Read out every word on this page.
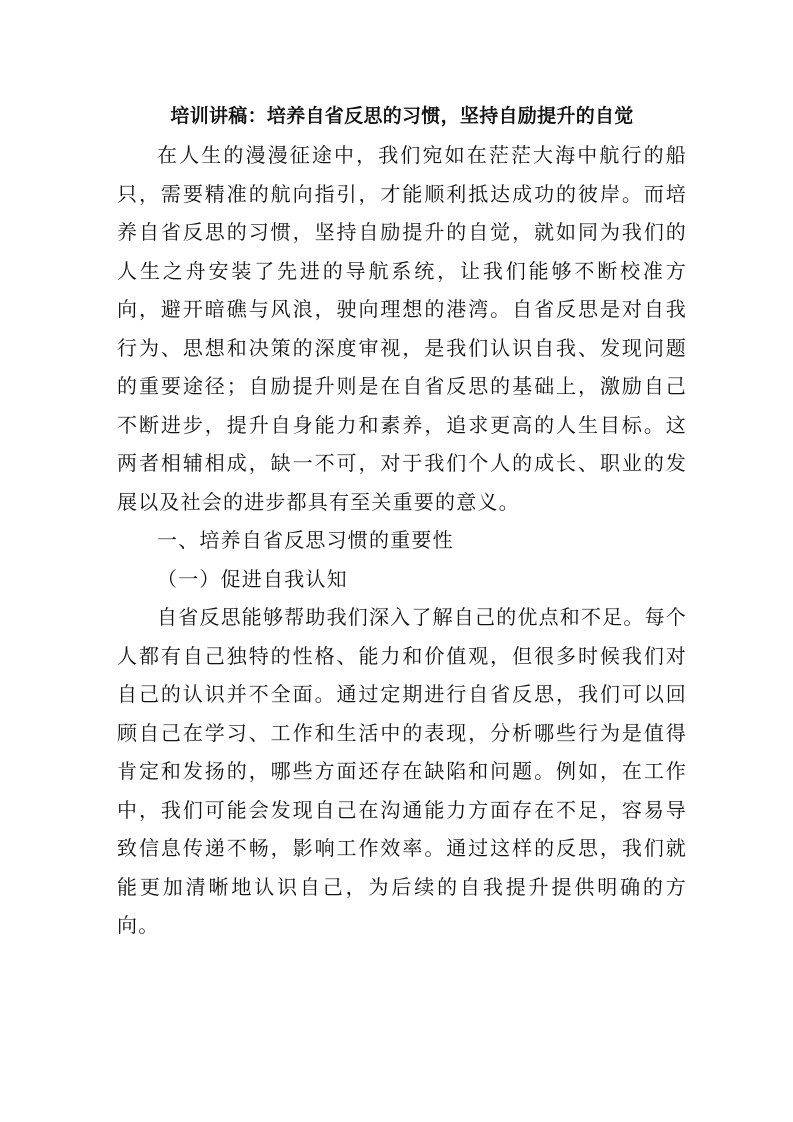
培训讲稿：培养自省反思的习惯，坚持自励提升的自觉

在人生的漫漫征途中，我们宛如在茫茫大海中航行的船只，需要精准的航向指引，才能顺利抵达成功的彼岸。而培养自省反思的习惯，坚持自励提升的自觉，就如同为我们的人生之舟安装了先进的导航系统，让我们能够不断校准方向，避开暗礁与风浪，驶向理想的港湾。自省反思是对自我行为、思想和决策的深度审视，是我们认识自我、发现问题的重要途径；自励提升则是在自省反思的基础上，激励自己不断进步，提升自身能力和素养，追求更高的人生目标。这两者相辅相成，缺一不可，对于我们个人的成长、职业的发展以及社会的进步都具有至关重要的意义。

一、培养自省反思习惯的重要性

（一）促进自我认知

自省反思能够帮助我们深入了解自己的优点和不足。每个人都有自己独特的性格、能力和价值观，但很多时候我们对自己的认识并不全面。通过定期进行自省反思，我们可以回顾自己在学习、工作和生活中的表现，分析哪些行为是值得肯定和发扬的，哪些方面还存在缺陷和问题。例如，在工作中，我们可能会发现自己在沟通能力方面存在不足，容易导致信息传递不畅，影响工作效率。通过这样的反思，我们就能更加清晰地认识自己，为后续的自我提升提供明确的方向。
